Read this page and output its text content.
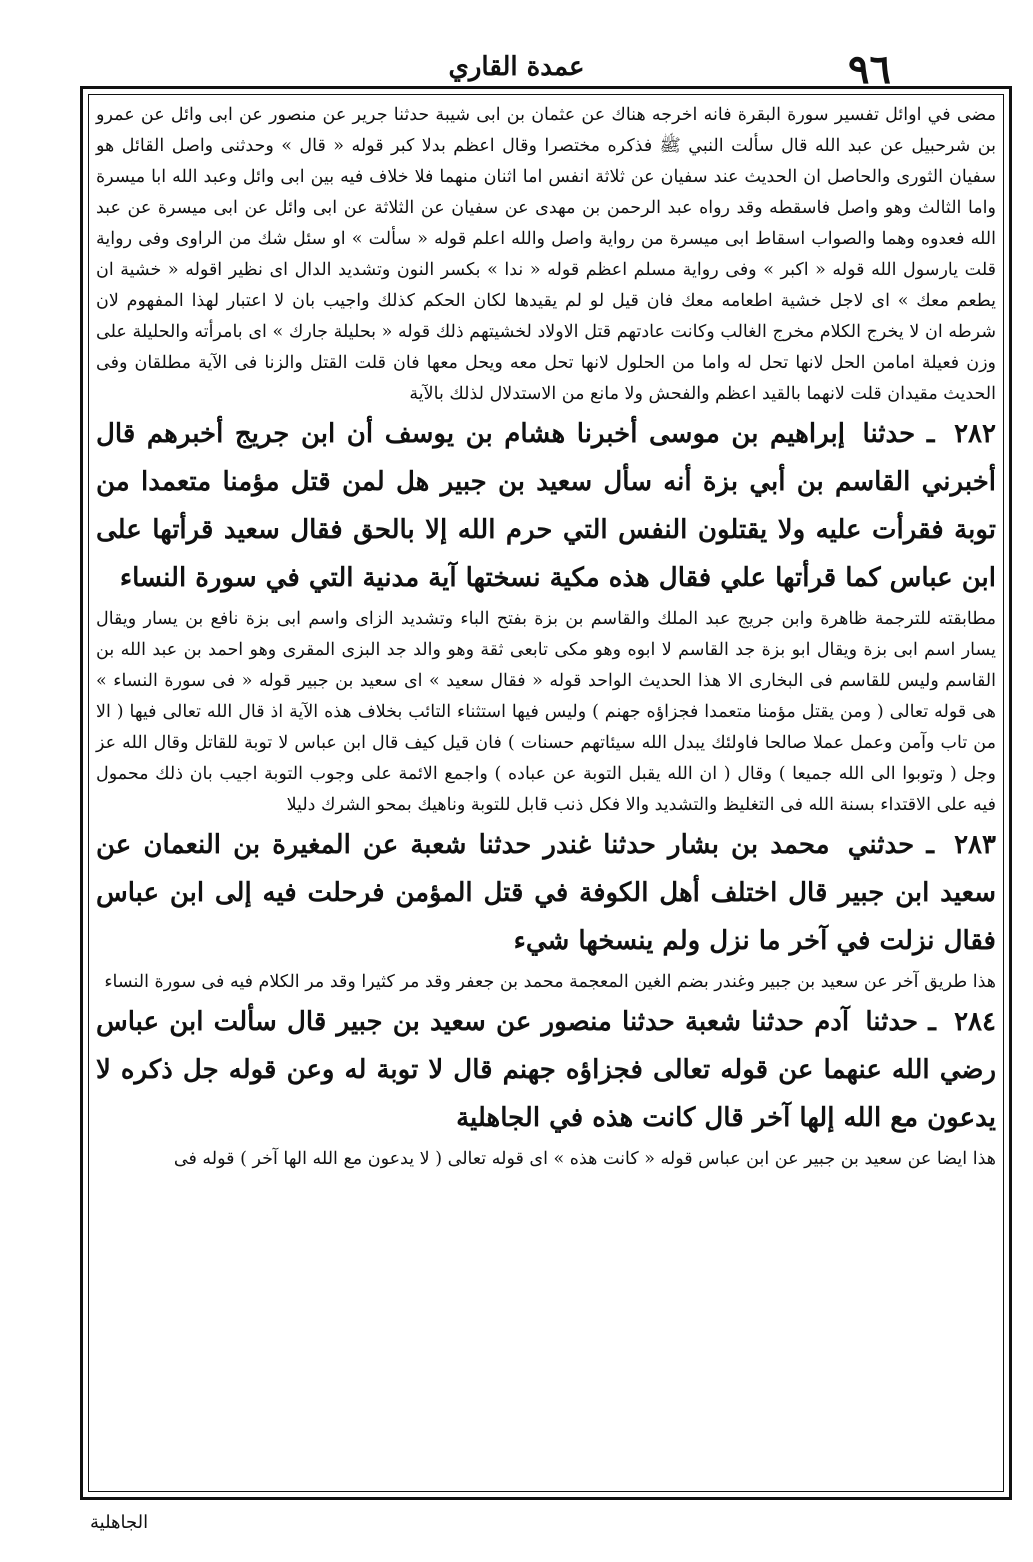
عمدة القاري	٩٦

مضى في اوائل تفسير سورة البقرة فانه اخرجه هناك عن عثمان بن ابى شيبة حدثنا جرير عن منصور عن ابى وائل عن عمرو بن شرحبيل عن عبد الله قال سألت النبي ﷺ فذكره مختصرا وقال اعظم بدلا كبر قوله « قال » وحدثنى واصل القائل هو سفيان الثورى والحاصل ان الحديث عند سفيان عن ثلاثة انفس اما اثنان منهما فلا خلاف فيه بين ابى وائل وعبد الله ابا ميسرة واما الثالث وهو واصل فاسقطه وقد رواه عبد الرحمن بن مهدى عن سفيان عن الثلاثة عن ابى وائل عن ابى ميسرة عن عبد الله فعدوه وهما والصواب اسقاط ابى ميسرة من رواية واصل والله اعلم قوله « سألت » او سئل شك من الراوى وفى رواية قلت يارسول الله قوله « اكبر » وفى رواية مسلم اعظم قوله « ندا » بكسر النون وتشديد الدال اى نظير اقوله « خشية ان يطعم معك » اى لاجل خشية اطعامه معك فان قيل لو لم يقيدها لكان الحكم كذلك واجيب بان لا اعتبار لهذا المفهوم لان شرطه ان لا يخرج الكلام مخرج الغالب وكانت عادتهم قتل الاولاد لخشيتهم ذلك قوله « بحليلة جارك » اى بامرأته والحليلة على وزن فعيلة امامن الحل لانها تحل له واما من الحلول لانها تحل معه ويحل معها فان قلت القتل والزنا فى الآية مطلقان وفى الحديث مقيدان قلت لانهما بالقيد اعظم والفحش ولا مانع من الاستدلال لذلك بالآية

٢٨٢ ـ حدثنا إبراهيم بن موسى أخبرنا هشام بن يوسف أن ابن جريج أخبرهم قال أخبرني القاسم بن أبي بزة أنه سأل سعيد بن جبير هل لمن قتل مؤمنا متعمدا من توبة فقرأت عليه ولا يقتلون النفس التي حرم الله إلا بالحق فقال سعيد قرأتها على ابن عباس كما قرأتها علي فقال هذه مكية نسختها آية مدنية التي في سورة النساء

مطابقته للترجمة ظاهرة وابن جريج عبد الملك والقاسم بن بزة بفتح الباء وتشديد الزاى واسم ابى بزة نافع بن يسار ويقال يسار اسم ابى بزة ويقال ابو بزة جد القاسم لا ابوه وهو مكى تابعى ثقة وهو والد جد البزى المقرى وهو احمد بن عبد الله بن القاسم وليس للقاسم فى البخارى الا هذا الحديث الواحد قوله « فقال سعيد » اى سعيد بن جبير قوله « فى سورة النساء » هى قوله تعالى ( ومن يقتل مؤمنا متعمدا فجزاؤه جهنم ) وليس فيها استثناء التائب بخلاف هذه الآية اذ قال الله تعالى فيها ( الا من تاب وآمن وعمل عملا صالحا فاولئك يبدل الله سيئاتهم حسنات ) فان قيل كيف قال ابن عباس لا توبة للقاتل وقال الله عز وجل ( وتوبوا الى الله جميعا ) وقال ( ان الله يقبل التوبة عن عباده ) واجمع الائمة على وجوب التوبة اجيب بان ذلك محمول فيه على الاقتداء بسنة الله فى التغليظ والتشديد والا فكل ذنب قابل للتوبة وناهيك بمحو الشرك دليلا

٢٨٣ ـ حدثني محمد بن بشار حدثنا غندر حدثنا شعبة عن المغيرة بن النعمان عن سعيد ابن جبير قال اختلف أهل الكوفة في قتل المؤمن فرحلت فيه إلى ابن عباس فقال نزلت في آخر ما نزل ولم ينسخها شيء

هذا طريق آخر عن سعيد بن جبير وغندر بضم الغين المعجمة محمد بن جعفر وقد مر كثيرا وقد مر الكلام فيه فى سورة النساء

٢٨٤ ـ حدثنا آدم حدثنا شعبة حدثنا منصور عن سعيد بن جبير قال سألت ابن عباس رضي الله عنهما عن قوله تعالى فجزاؤه جهنم قال لا توبة له وعن قوله جل ذكره لا يدعون مع الله إلها آخر قال كانت هذه في الجاهلية

هذا ايضا عن سعيد بن جبير عن ابن عباس قوله « كانت هذه » اى قوله تعالى ( لا يدعون مع الله الها آخر ) قوله فى

الجاهلية
